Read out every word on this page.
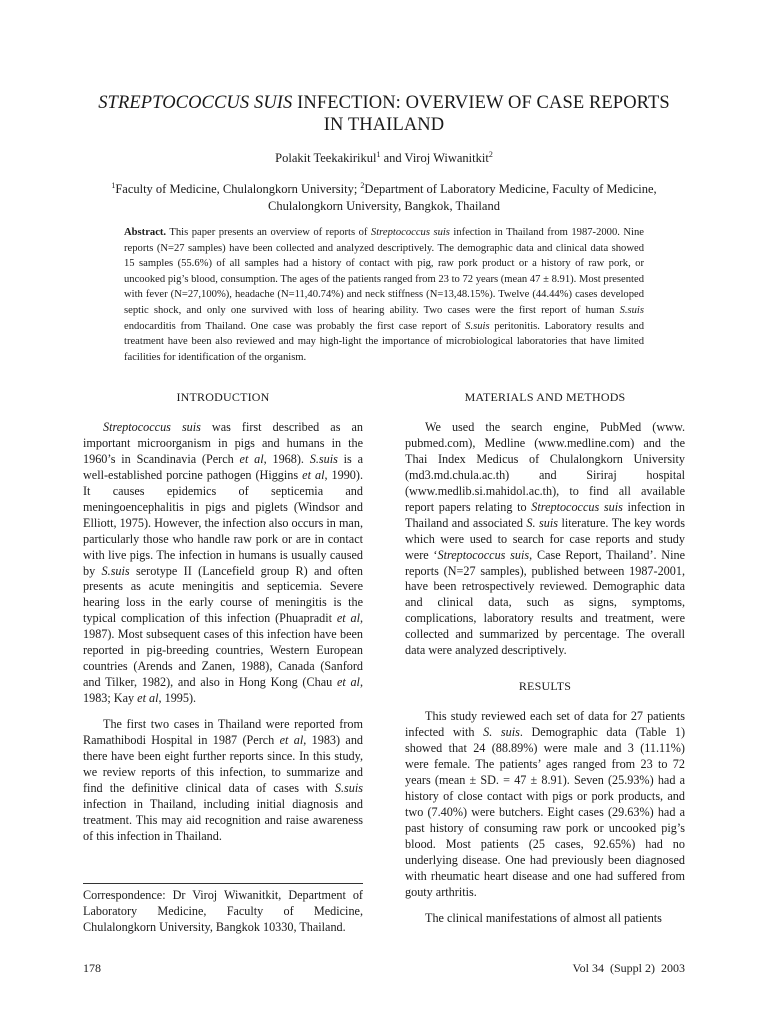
STREPTOCOCCUS SUIS INFECTION: OVERVIEW OF CASE REPORTS
IN THAILAND
Polakit Teekakirikul$^1$ and Viroj Wiwanitkit$^2$
$^1$Faculty of Medicine, Chulalongkorn University; $^2$Department of Laboratory Medicine, Faculty of Medicine,
Chulalongkorn University, Bangkok, Thailand
Abstract. This paper presents an overview of reports of Streptococcus suis infection in Thailand from 1987-2000. Nine reports (N=27 samples) have been collected and analyzed descriptively. The demographic data and clinical data showed 15 samples (55.6%) of all samples had a history of contact with pig, raw pork product or a history of raw pork, or uncooked pig’s blood, consumption. The ages of the patients ranged from 23 to 72 years (mean 47 ± 8.91). Most presented with fever (N=27,100%), headache (N=11,40.74%) and neck stiffness (N=13,48.15%). Twelve (44.44%) cases developed septic shock, and only one survived with loss of hearing ability. Two cases were the first report of human S.suis endocarditis from Thailand. One case was probably the first case report of S.suis peritonitis. Laboratory results and treatment have been also reviewed and may high-light the importance of microbiological laboratories that have limited facilities for identification of the organism.
INTRODUCTION

Streptococcus suis was first described as an important microorganism in pigs and humans in the 1960’s in Scandinavia (Perch et al, 1968). S.suis is a well-established porcine pathogen (Higgins et al, 1990). It causes epidemics of septicemia and meningoencephalitis in pigs and piglets (Windsor and Elliott, 1975). However, the infection also occurs in man, particularly those who handle raw pork or are in contact with live pigs. The infection in humans is usually caused by S.suis serotype II (Lancefield group R) and often presents as acute meningitis and septicemia. Severe hearing loss in the early course of meningitis is the typical complication of this infection (Phuapradit et al, 1987). Most subsequent cases of this infection have been reported in pig-breeding countries, Western European countries (Arends and Zanen, 1988), Canada (Sanford and Tilker, 1982), and also in Hong Kong (Chau et al, 1983; Kay et al, 1995).

The first two cases in Thailand were reported from Ramathibodi Hospital in 1987 (Perch et al, 1983) and there have been eight further reports since. In this study, we review reports of this infection, to summarize and find the definitive clinical data of cases with S.suis infection in Thailand, including initial diagnosis and treatment. This may aid recognition and raise awareness of this infection in Thailand.

Correspondence: Dr Viroj Wiwanitkit, Department of Laboratory Medicine, Faculty of Medicine, Chulalongkorn University, Bangkok 10330, Thailand.
MATERIALS AND METHODS

We used the search engine, PubMed (www. pubmed.com), Medline (www.medline.com) and the Thai Index Medicus of Chulalongkorn University (md3.md.chula.ac.th) and Siriraj hospital (www.medlib.si.mahidol.ac.th), to find all available report papers relating to Streptococcus suis infection in Thailand and associated S. suis literature. The key words which were used to search for case reports and study were ‘Streptococcus suis, Case Report, Thailand’. Nine reports (N=27 samples), published between 1987-2001, have been retrospectively reviewed. Demographic data and clinical data, such as signs, symptoms, complications, laboratory results and treatment, were collected and summarized by percentage. The overall data were analyzed descriptively.

RESULTS

This study reviewed each set of data for 27 patients infected with S. suis. Demographic data (Table 1) showed that 24 (88.89%) were male and 3 (11.11%) were female. The patients’ ages ranged from 23 to 72 years (mean ± SD. = 47 ± 8.91). Seven (25.93%) had a history of close contact with pigs or pork products, and two (7.40%) were butchers. Eight cases (29.63%) had a past history of consuming raw pork or uncooked pig’s blood. Most patients (25 cases, 92.65%) had no underlying disease. One had previously been diagnosed with rheumatic heart disease and one had suffered from gouty arthritis.

The clinical manifestations of almost all patients

178	Vol 34  (Suppl 2)  2003
